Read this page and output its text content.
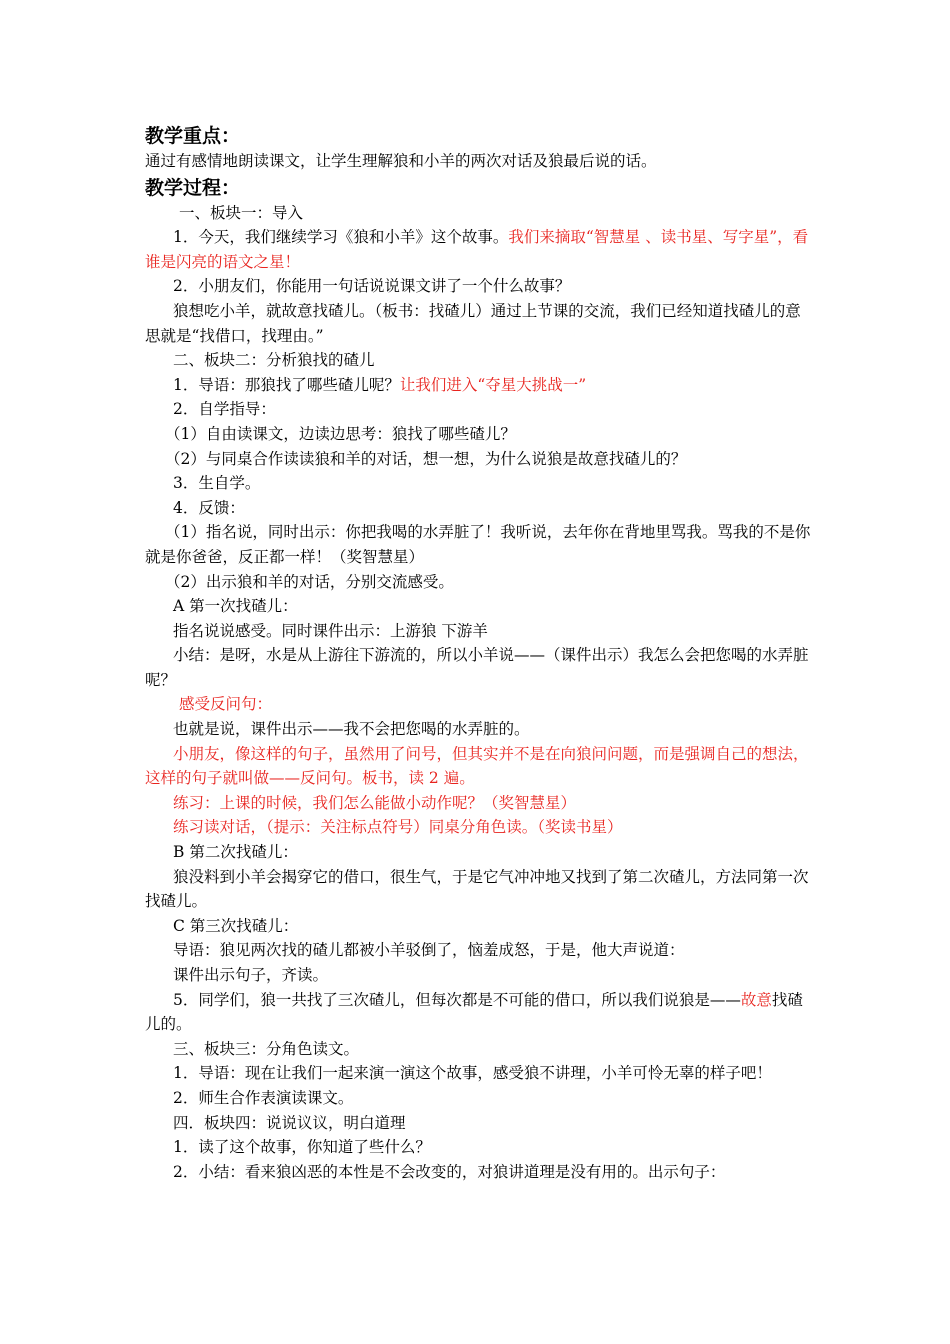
教学重点：
通过有感情地朗读课文，让学生理解狼和小羊的两次对话及狼最后说的话。
教学过程：
一、板块一：导入
1．今天，我们继续学习《狼和小羊》这个故事。我们来摘取“智慧星 、读书星、写字星”，看谁是闪亮的语文之星！
2．小朋友们，你能用一句话说说课文讲了一个什么故事？
狼想吃小羊，就故意找碴儿。（板书：找碴儿）通过上节课的交流，我们已经知道找碴儿的意思就是“找借口，找理由。”
二、板块二：分析狼找的碴儿
1．导语：那狼找了哪些碴儿呢？让我们进入“夺星大挑战一”
2．自学指导：
（1）自由读课文，边读边思考：狼找了哪些碴儿？
（2）与同桌合作读读狼和羊的对话，想一想，为什么说狼是故意找碴儿的？
3．生自学。
4．反馈：
（1）指名说，同时出示：你把我喝的水弄脏了！我听说，去年你在背地里骂我。骂我的不是你就是你爸爸，反正都一样！（奖智慧星）
（2）出示狼和羊的对话，分别交流感受。
A 第一次找碴儿：
指名说说感受。同时课件出示：上游狼 下游羊
小结：是呀，水是从上游往下游流的，所以小羊说——（课件出示）我怎么会把您喝的水弄脏呢？
感受反问句：
也就是说，课件出示——我不会把您喝的水弄脏的。
小朋友，像这样的句子，虽然用了问号，但其实并不是在向狼问问题，而是强调自己的想法，这样的句子就叫做——反问句。板书，读 2 遍。
练习：上课的时候，我们怎么能做小动作呢？（奖智慧星）
练习读对话，（提示：关注标点符号）同桌分角色读。（奖读书星）
B 第二次找碴儿：
狼没料到小羊会揭穿它的借口，很生气，于是它气冲冲地又找到了第二次碴儿，方法同第一次找碴儿。
C 第三次找碴儿：
导语：狼见两次找的碴儿都被小羊驳倒了，恼羞成怒，于是，他大声说道：
课件出示句子，齐读。
5．同学们，狼一共找了三次碴儿，但每次都是不可能的借口，所以我们说狼是——故意找碴儿的。
三、板块三：分角色读文。
1．导语：现在让我们一起来演一演这个故事，感受狼不讲理，小羊可怜无辜的样子吧！
2．师生合作表演读课文。
四．板块四：说说议议，明白道理
1．读了这个故事，你知道了些什么？
2．小结：看来狼凶恶的本性是不会改变的，对狼讲道理是没有用的。出示句子：
